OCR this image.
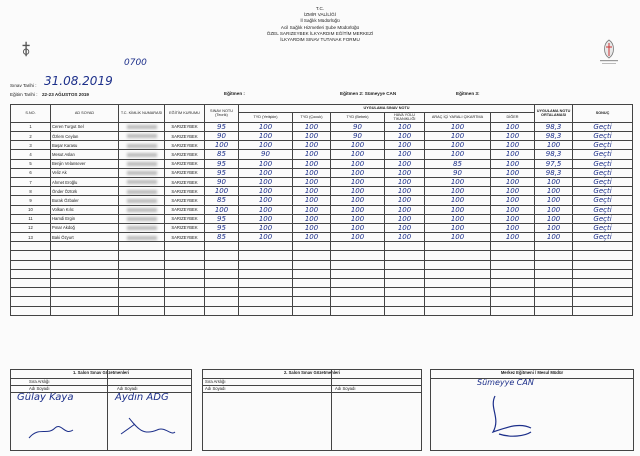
T.C.
İZMİR VALİLİĞİ
İl Sağlık Müdürlüğü
Acil Sağlık Hizmetleri Şube Müdürlüğü
ÖZEL SARIZEYBEK İLKYARDIM EĞİTİM MERKEZİ
İLKYARDIM SINAV TUTANAK FORMU
Sınav Tarihi : 31.08.2019
0700
Eğitim Tarihi : 22-23 AĞUSTOS 2019	Eğitmen :	Eğitmen 2: Sümeyye CAN	Eğitmen 3:
S.NO.	AD SOYAD	T.C. KİMLİK NUMARASI	EĞİTİM KURUMU	SINAV NOTU (Teorik)	UYGULAMA SINAV NOTU						UYGULAMA NOTU ORTALAMASI	SONUÇ
					TYD (Yetişkin)	TYD (Çocuk)	TYD (Bebek)	HAVA YOLU TIKANIKLIĞI	ARAÇ İÇİ YARALI ÇIKARTMA	DİĞER		
1	Ceren Turgut Sel		SARIZEYBEK	95	100	100	90	100	100	100	98,3	Geçti
2	Özlem Ceylan		SARIZEYBEK	90	100	100	90	100	100	100	98,3	Geçti
3	Başar Karasu		SARIZEYBEK	100	100	100	100	100	100	100	100	Geçti
4	Mesut Aslan		SARIZEYBEK	85	90	100	100	100	100	100	98,3	Geçti
5	Benjin Velansever		SARIZEYBEK	95	100	100	100	100	85	100	97,5	Geçti
6	Veliz Ak		SARIZEYBEK	95	100	100	100	100	90	100	98,3	Geçti
7	Ahmet Eroğlu		SARIZEYBEK	90	100	100	100	100	100	100	100	Geçti
8	Önder Öztürk		SARIZEYBEK	100	100	100	100	100	100	100	100	Geçti
9	Burak Özbaler		SARIZEYBEK	85	100	100	100	100	100	100	100	Geçti
10	Volkan Kılıc		SARIZEYBEK	100	100	100	100	100	100	100	100	Geçti
11	Hamdi Ergin		SARIZEYBEK	95	100	100	100	100	100	100	100	Geçti
12	Pınar Akdoğ		SARIZEYBEK	95	100	100	100	100	100	100	100	Geçti
13	Baki Özyurt		SARIZEYBEK	85	100	100	100	100	100	100	100	Geçti

1. Salon Sınav Gözetmenleri
Sıra Arslığı
Adı Soyadı	Adı Soyadı
Gülay Kaya	Aydın ADG
2. Salon Sınav Gözetmenleri
Sıra Arslığı
Adı Soyadı	Adı Soyadı
Merkez Eğitmeni / Mesul Müdür
Sümeyye CAN
